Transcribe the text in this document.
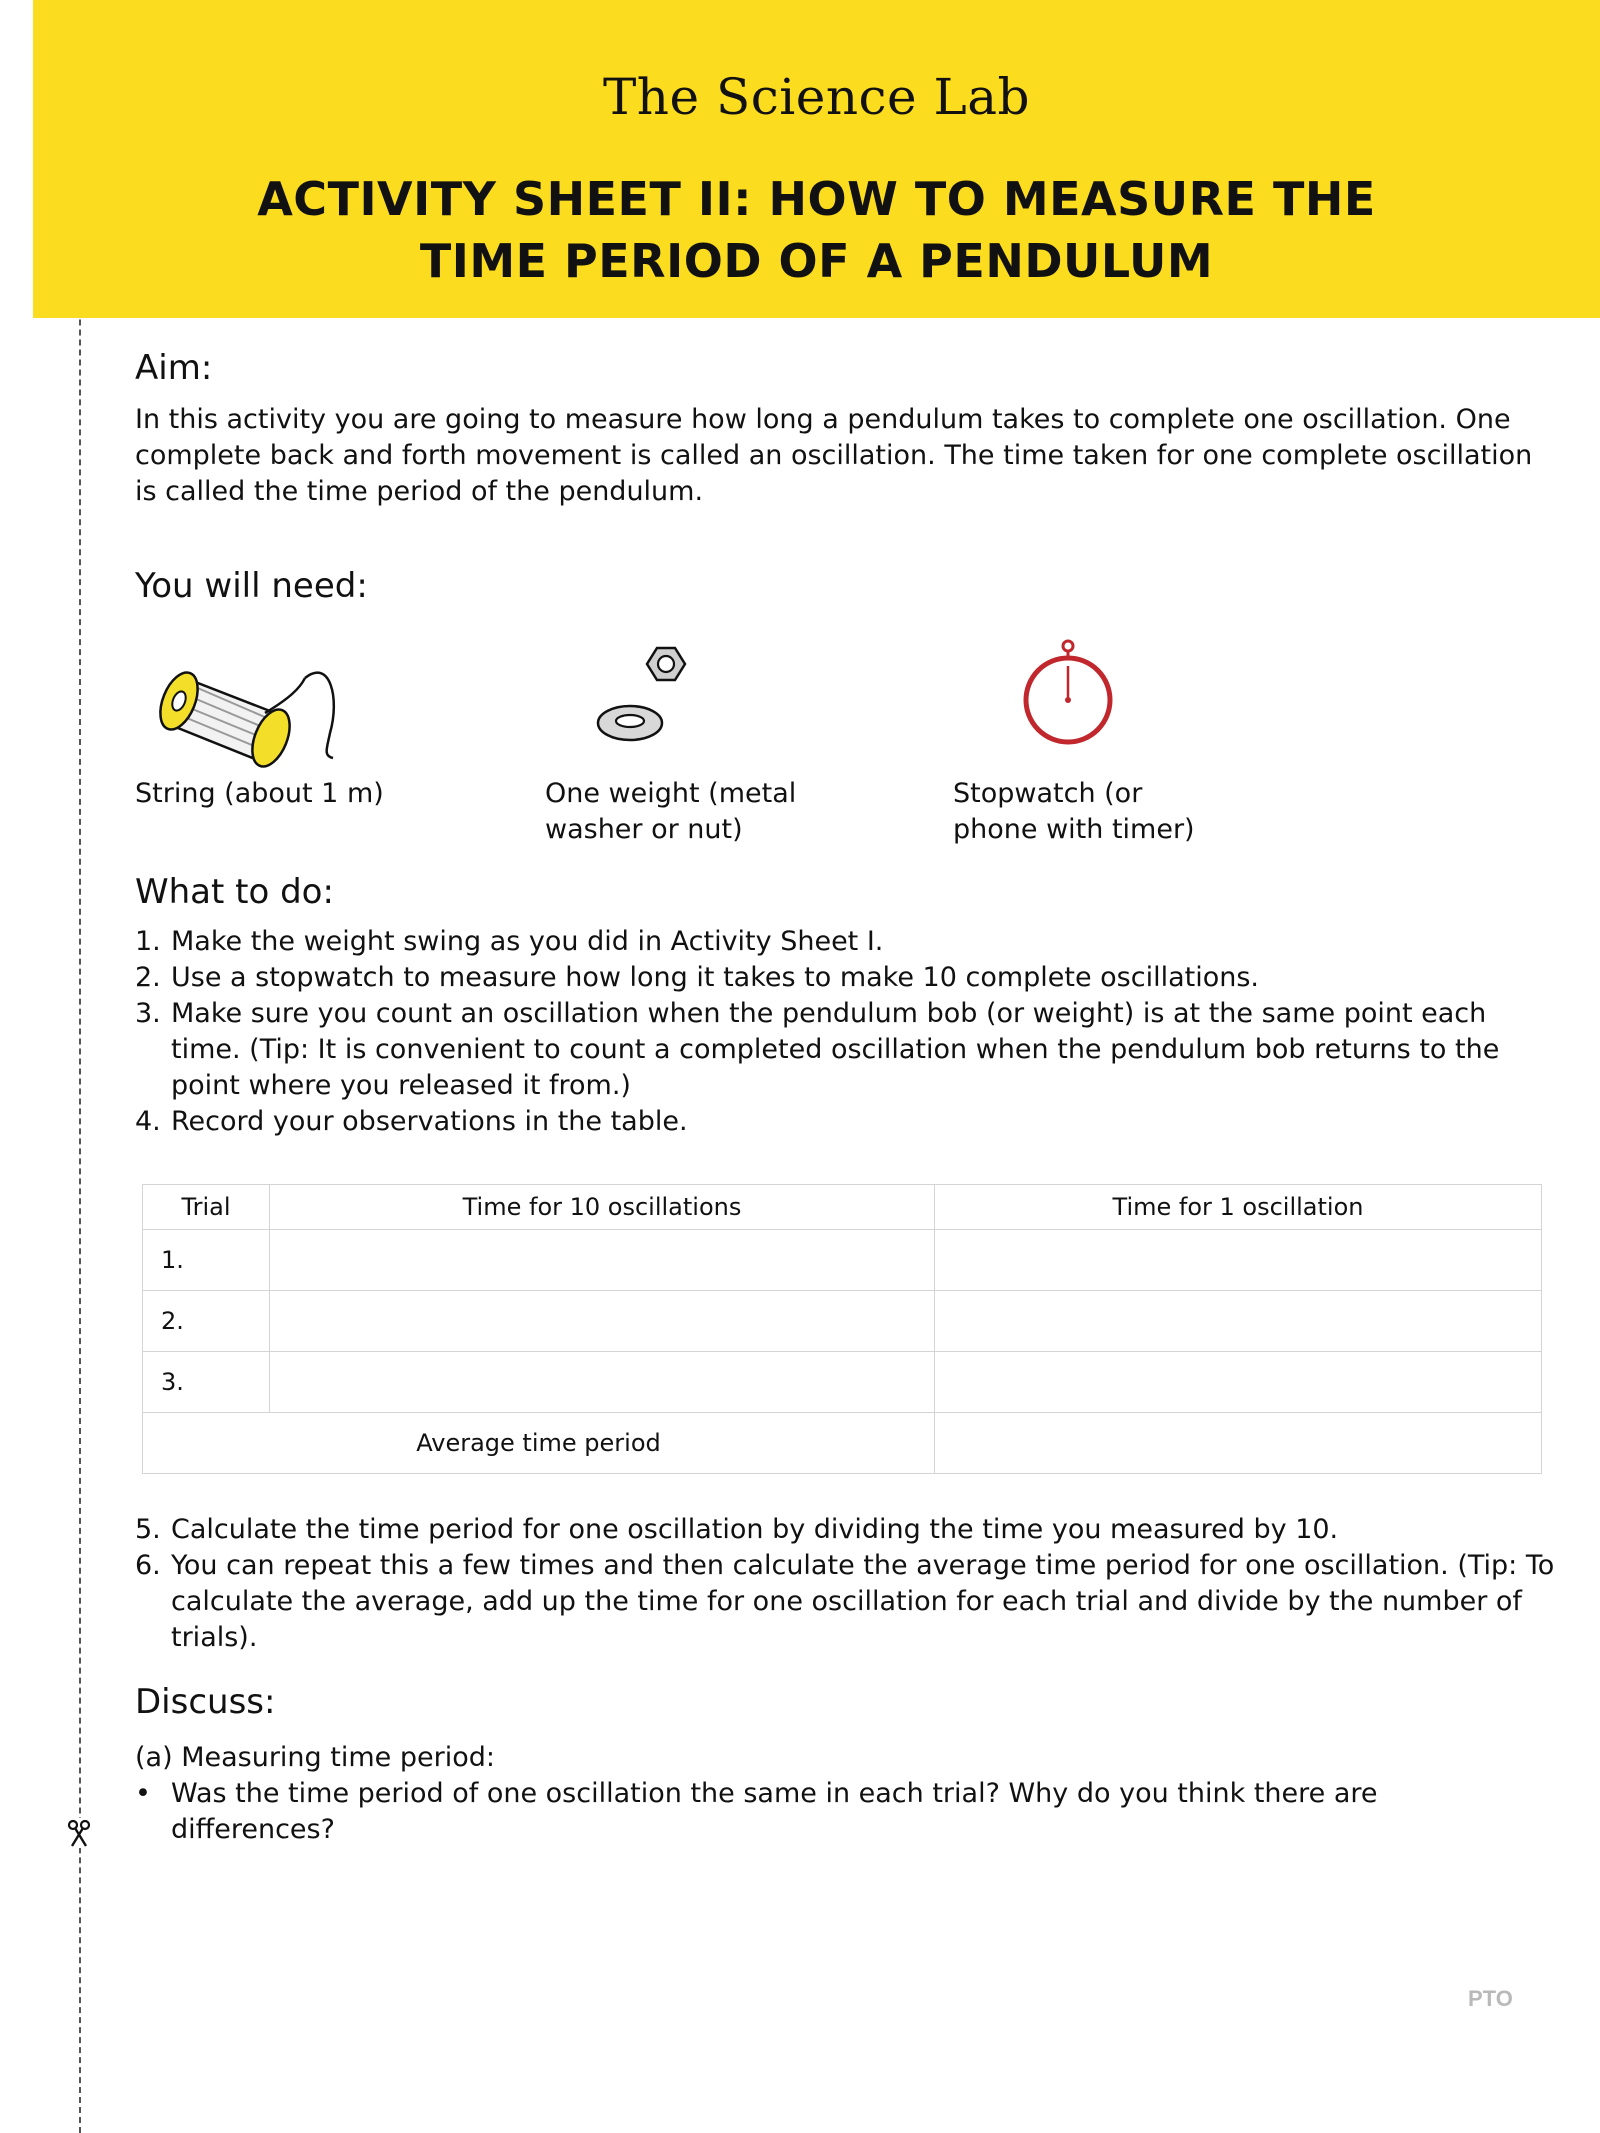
The Science Lab
ACTIVITY SHEET II: HOW TO MEASURE THE
TIME PERIOD OF A PENDULUM
Aim:
In this activity you are going to measure how long a pendulum takes to complete one oscillation. One complete back and forth movement is called an oscillation. The time taken for one complete oscillation is called the time period of the pendulum.
You will need:
String (about 1 m)	One weight (metal
washer or nut)
Stopwatch (or
phone with timer)
What to do:
1. Make the weight swing as you did in Activity Sheet I.
2. Use a stopwatch to measure how long it takes to make 10 complete oscillations.
3. Make sure you count an oscillation when the pendulum bob (or weight) is at the same point each time. (Tip: It is convenient to count a completed oscillation when the pendulum bob returns to the point where you released it from.)
4. Record your observations in the table.
Trial	Time for 10 oscillations	Time for 1 oscillation
1.		
2.		
3.		
Average time period		
5. Calculate the time period for one oscillation by dividing the time you measured by 10.
6. You can repeat this a few times and then calculate the average time period for one oscillation. (Tip: To calculate the average, add up the time for one oscillation for each trial and divide by the number of trials).
Discuss:
(a) Measuring time period:
• Was the time period of one oscillation the same in each trial? Why do you think there are differences?
PTO
